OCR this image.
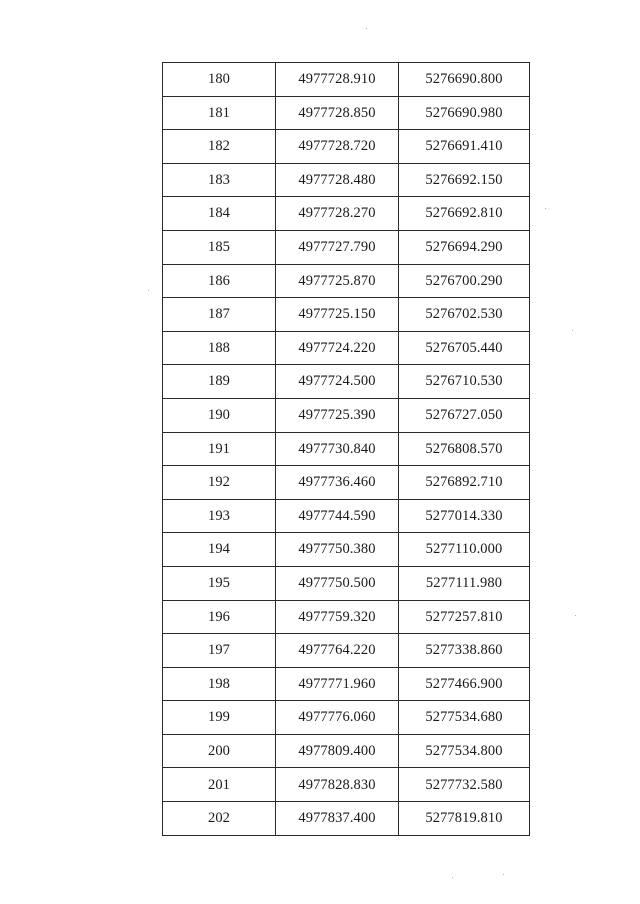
180	4977728.910	5276690.800
181	4977728.850	5276690.980
182	4977728.720	5276691.410
183	4977728.480	5276692.150
184	4977728.270	5276692.810
185	4977727.790	5276694.290
186	4977725.870	5276700.290
187	4977725.150	5276702.530
188	4977724.220	5276705.440
189	4977724.500	5276710.530
190	4977725.390	5276727.050
191	4977730.840	5276808.570
192	4977736.460	5276892.710
193	4977744.590	5277014.330
194	4977750.380	5277110.000
195	4977750.500	5277111.980
196	4977759.320	5277257.810
197	4977764.220	5277338.860
198	4977771.960	5277466.900
199	4977776.060	5277534.680
200	4977809.400	5277534.800
201	4977828.830	5277732.580
202	4977837.400	5277819.810
